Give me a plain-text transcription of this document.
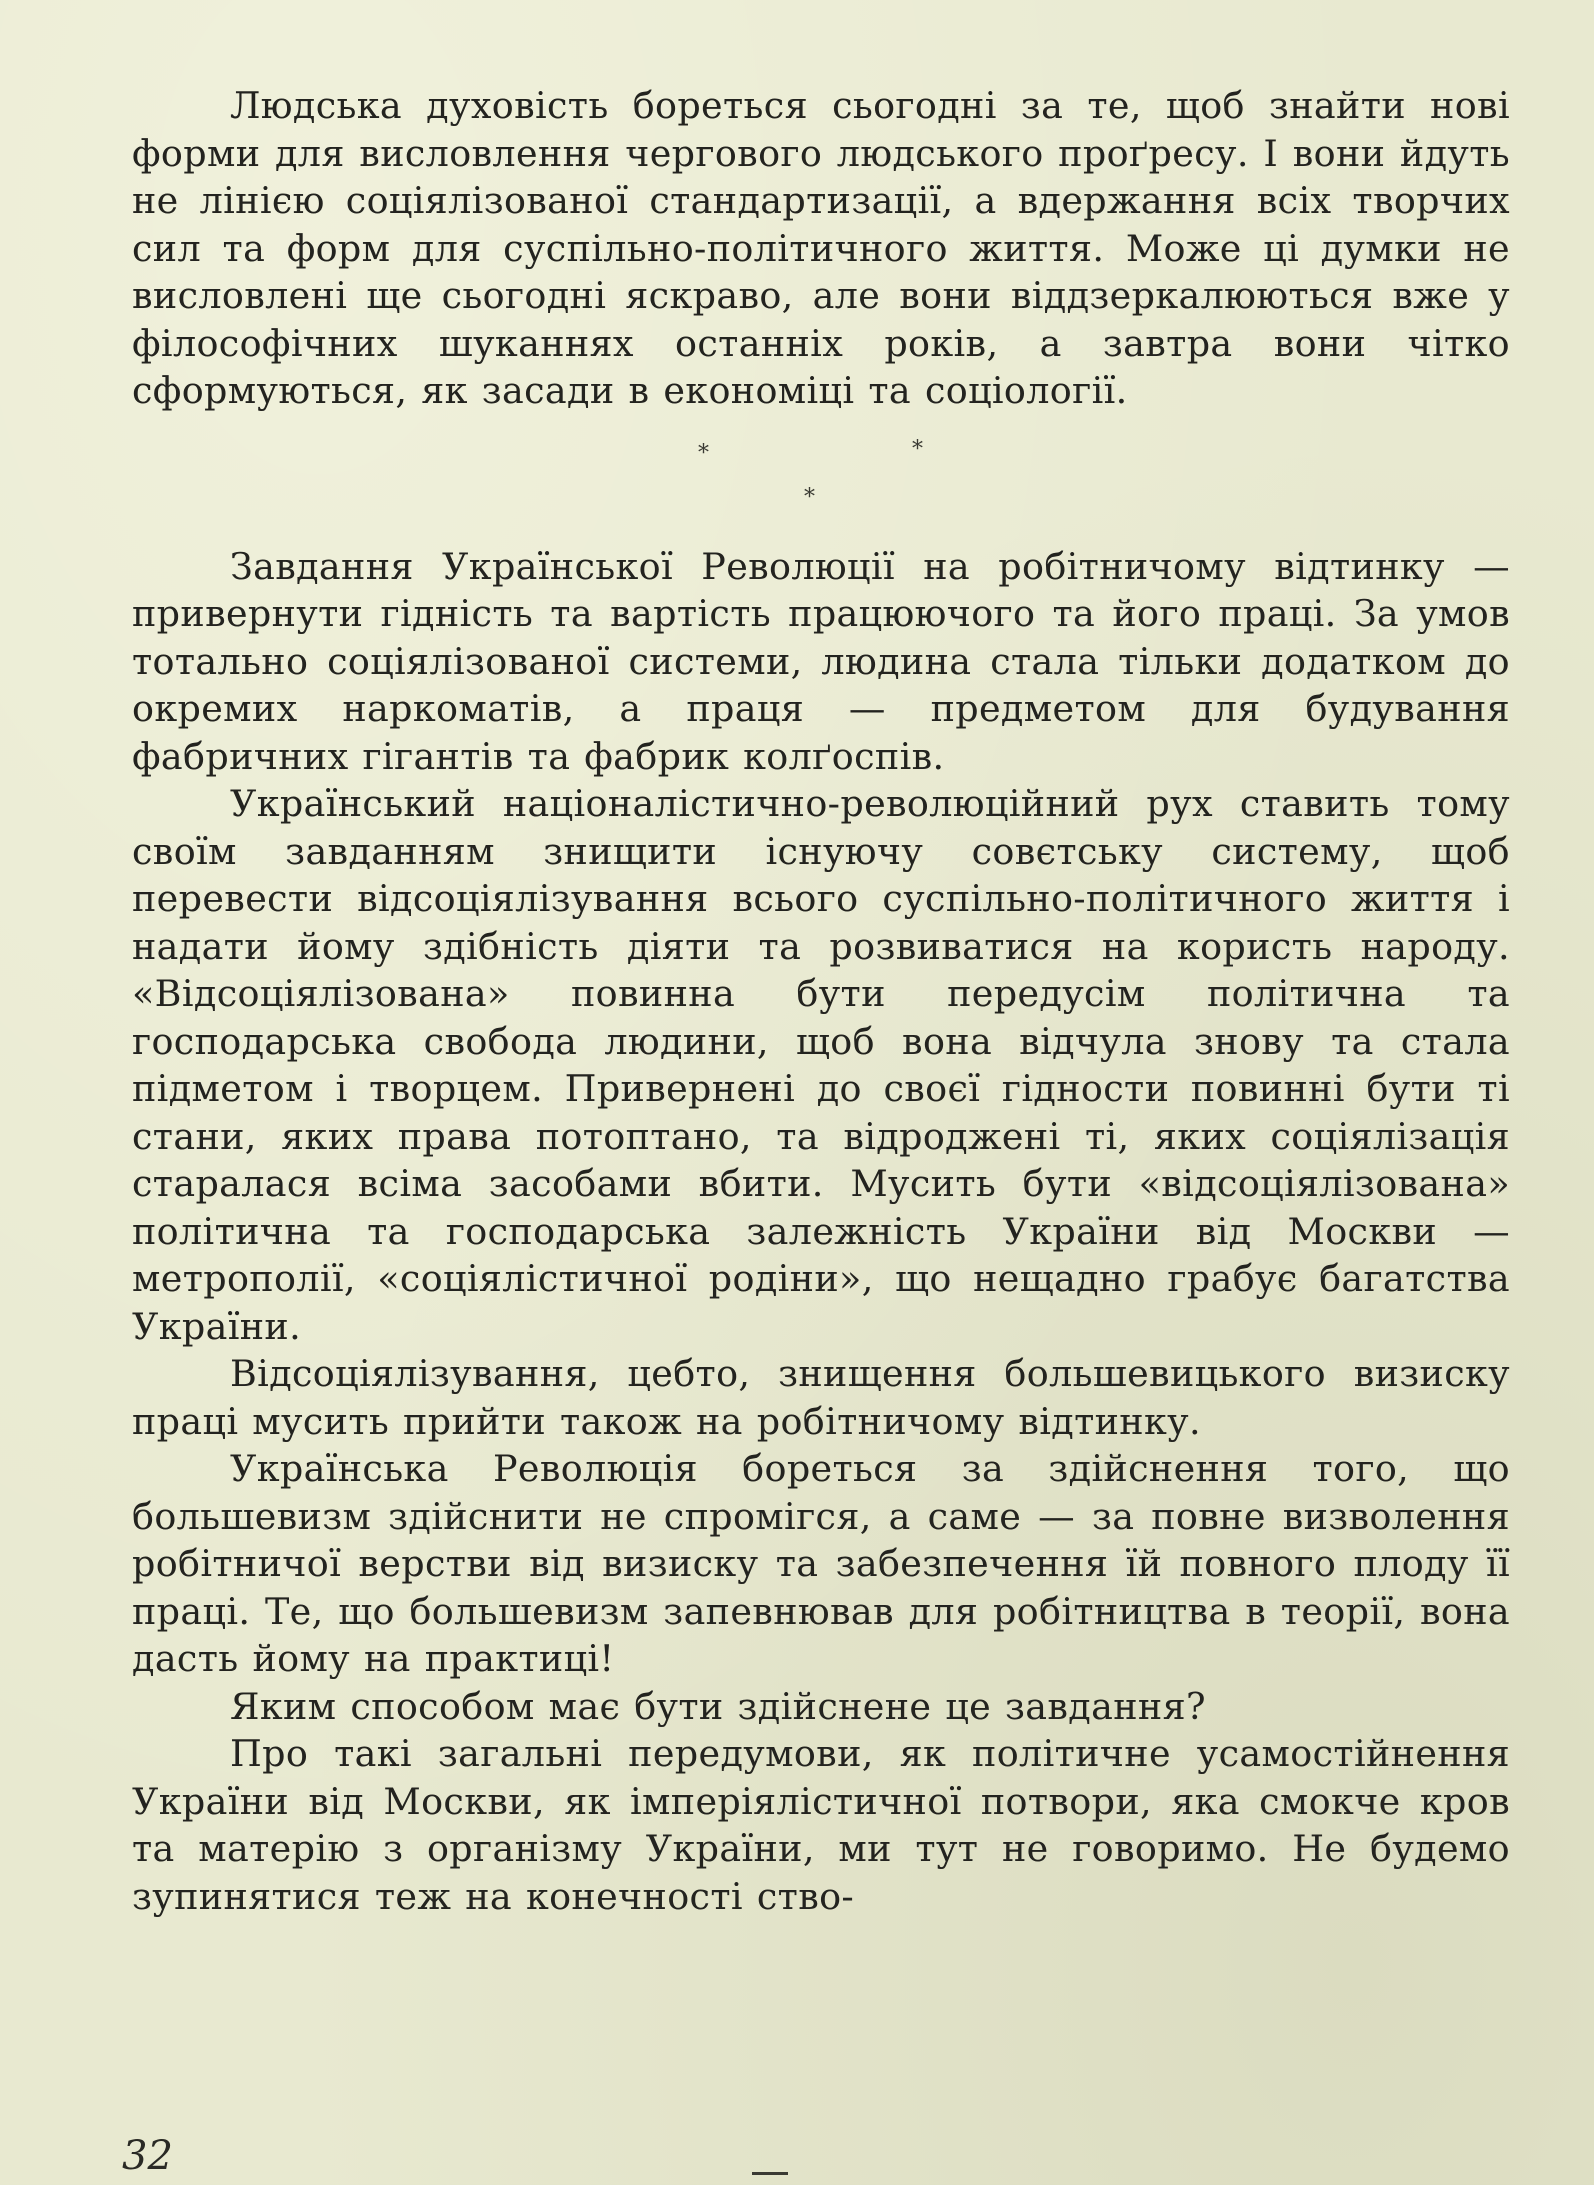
Людська духовість бореться сьогодні за те, щоб знайти нові форми для висловлення чергового людського проґресу. І вони йдуть не лінією соціялізованої стандартизації, а вдержання всіх творчих сил та форм для суспільно-політичного життя. Може ці думки не висловлені ще сьогодні яскраво, але вони віддзеркалюються вже у філософічних шуканнях останніх років, а завтра вони чітко сформуються, як засади в економіці та соціології.

*	*
*

Завдання Української Революції на робітничому відтинку — привернути гідність та вартість працюючого та його праці. За умов тотально соціялізованої системи, людина стала тільки додатком до окремих наркоматів, а праця — предметом для будування фабричних гігантів та фабрик колґоспів.

Український націоналістично-революційний рух ставить тому своїм завданням знищити існуючу совєтську систему, щоб перевести відсоціялізування всього суспільно-політичного життя і надати йому здібність діяти та розвиватися на користь народу. «Відсоціялізована» повинна бути передусім політична та господарська свобода людини, щоб вона відчула знову та стала підметом і творцем. Привернені до своєї гідности повинні бути ті стани, яких права потоптано, та відроджені ті, яких соціялізація старалася всіма засобами вбити. Мусить бути «відсоціялізована» політична та господарська залежність України від Москви — метрополії, «соціялістичної родіни», що нещадно грабує багатства України.

Відсоціялізування, цебто, знищення большевицького визиску праці мусить прийти також на робітничому відтинку.

Українська Революція бореться за здійснення того, що большевизм здійснити не спромігся, а саме — за повне визволення робітничої верстви від визиску та забезпечення їй повного плоду її праці. Те, що большевизм запевнював для робітництва в теорії, вона дасть йому на практиці!

Яким способом має бути здійснене це завдання?

Про такі загальні передумови, як політичне усамостійнення України від Москви, як імперіялістичної потвори, яка смокче кров та матерію з організму України, ми тут не говоримо. Не будемо зупинятися теж на конечності ство-

32
